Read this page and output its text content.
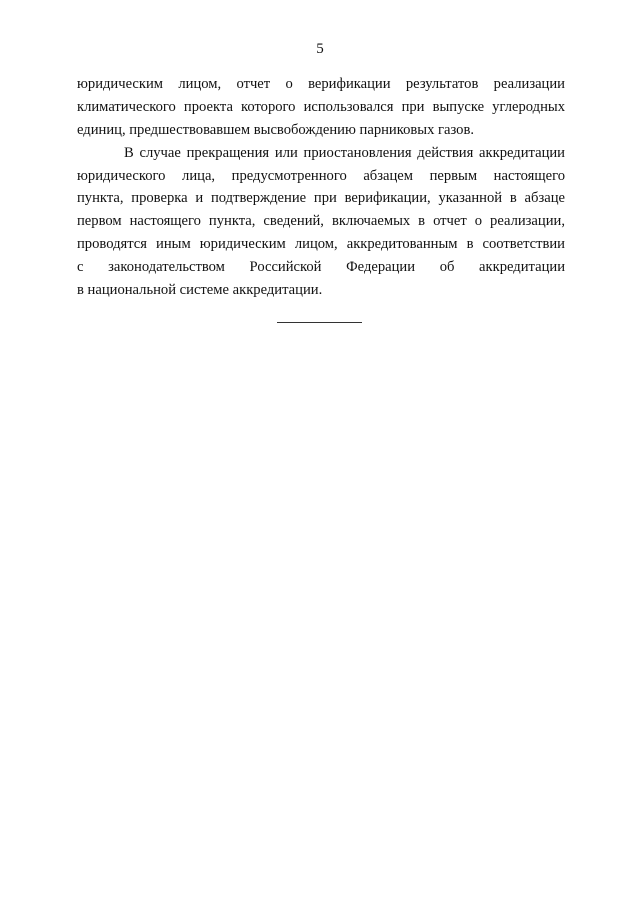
5
юридическим лицом, отчет о верификации результатов реализации
климатического проекта которого использовался при выпуске углеродных
единиц, предшествовавшем высвобождению парниковых газов.
В случае прекращения или приостановления действия аккредитации
юридического лица, предусмотренного абзацем первым настоящего
пункта, проверка и подтверждение при верификации, указанной в абзаце
первом настоящего пункта, сведений, включаемых в отчет о реализации,
проводятся иным юридическим лицом, аккредитованным в соответствии
с законодательством Российской Федерации об аккредитации
в национальной системе аккредитации.
